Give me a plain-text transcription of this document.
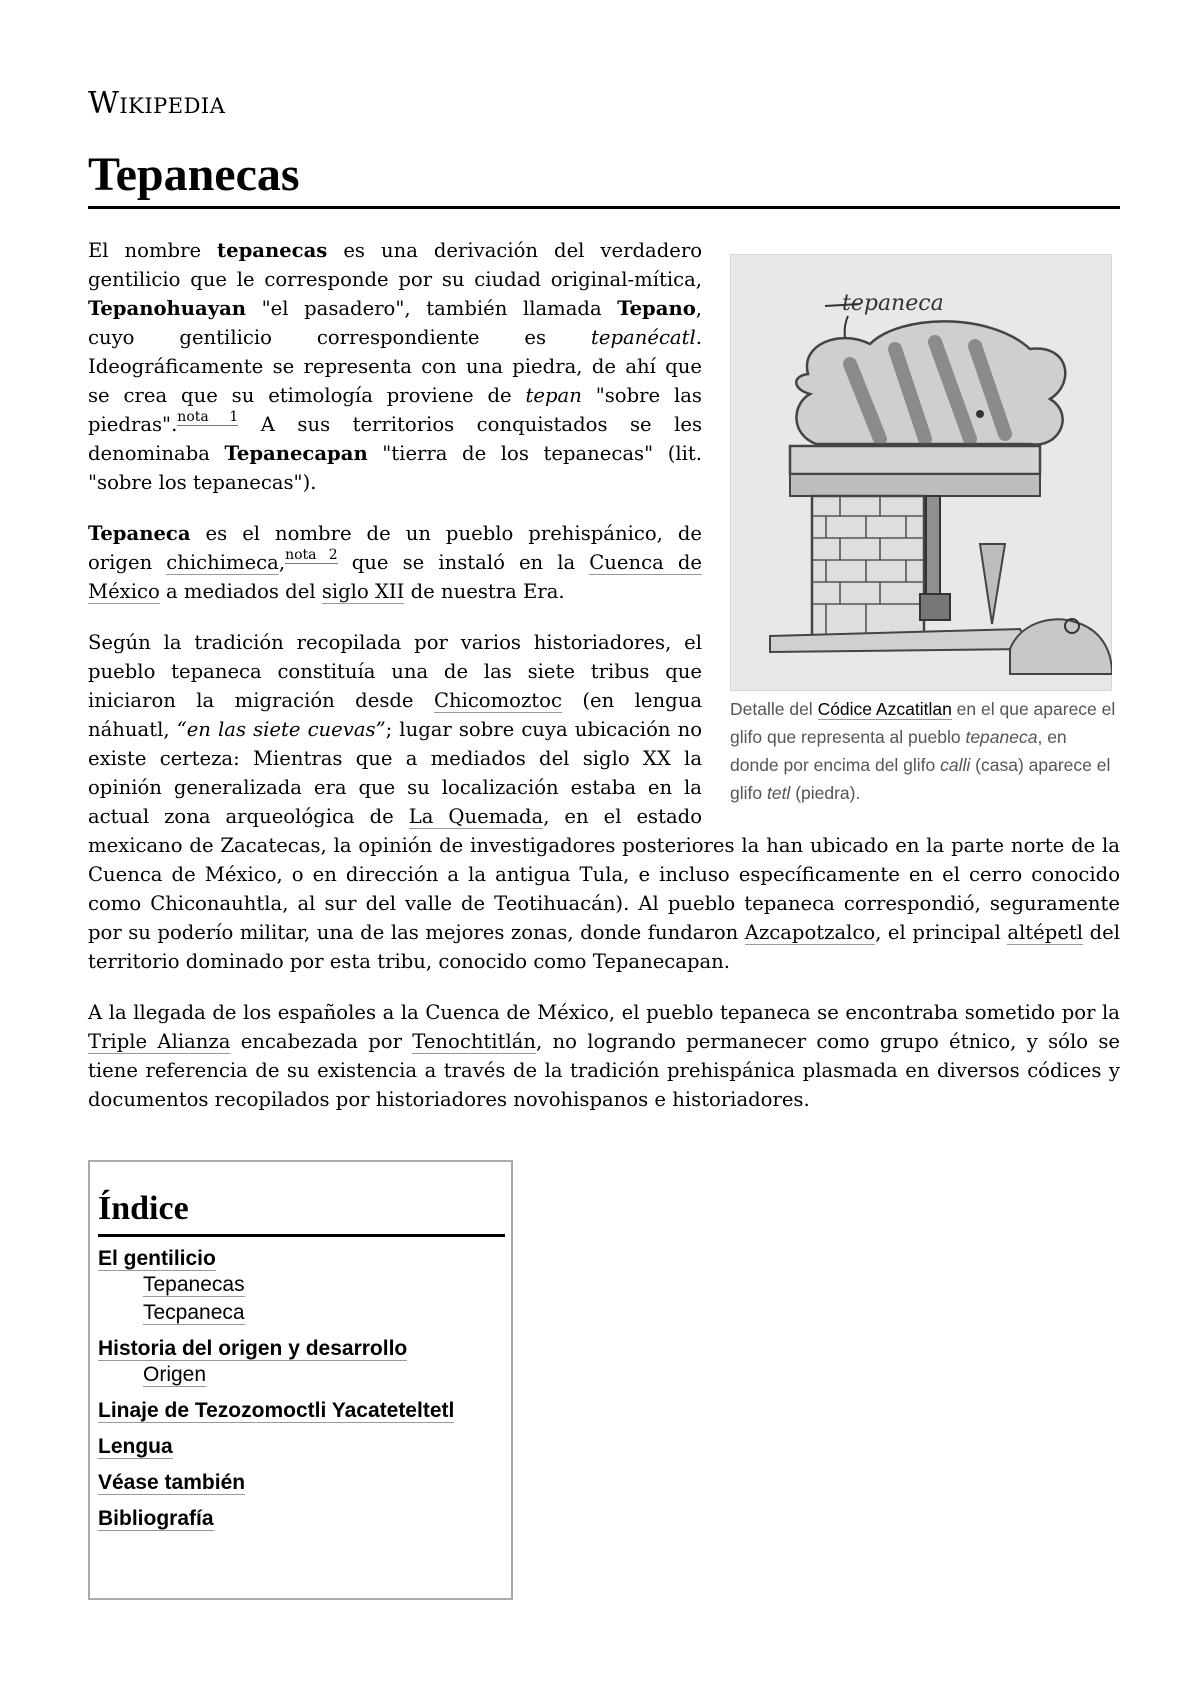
Wikipedia
Tepanecas
tepaneca
Detalle del Códice Azcatitlan en el que aparece el glifo que representa al pueblo tepaneca, en donde por encima del glifo calli (casa) aparece el glifo tetl (piedra).

El nombre tepanecas es una derivación del verdadero gentilicio que le corresponde por su ciudad original-mítica, Tepanohuayan "el pasadero", también llamada Tepano, cuyo gentilicio correspondiente es tepanécatl. Ideográficamente se representa con una piedra, de ahí que se crea que su etimología proviene de tepan "sobre las piedras".$^{nota 1}$ A sus territorios conquistados se les denominaba Tepanecapan "tierra de los tepanecas" (lit. "sobre los tepanecas").

Tepaneca es el nombre de un pueblo prehispánico, de origen chichimeca,$^{nota 2}$ que se instaló en la Cuenca de México a mediados del siglo XII de nuestra Era.

Según la tradición recopilada por varios historiadores, el pueblo tepaneca constituía una de las siete tribus que iniciaron la migración desde Chicomoztoc (en lengua náhuatl, “en las siete cuevas”; lugar sobre cuya ubicación no existe certeza: Mientras que a mediados del siglo XX la opinión generalizada era que su localización estaba en la actual zona arqueológica de La Quemada, en el estado mexicano de Zacatecas, la opinión de investigadores posteriores la han ubicado en la parte norte de la Cuenca de México, o en dirección a la antigua Tula, e incluso específicamente en el cerro conocido como Chiconauhtla, al sur del valle de Teotihuacán). Al pueblo tepaneca correspondió, seguramente por su poderío militar, una de las mejores zonas, donde fundaron Azcapotzalco, el principal altépetl del territorio dominado por esta tribu, conocido como Tepanecapan.

A la llegada de los españoles a la Cuenca de México, el pueblo tepaneca se encontraba sometido por la Triple Alianza encabezada por Tenochtitlán, no logrando permanecer como grupo étnico, y sólo se tiene referencia de su existencia a través de la tradición prehispánica plasmada en diversos códices y documentos recopilados por historiadores novohispanos e historiadores.

Índice
El gentilicio
Tepanecas
Tecpaneca
Historia del origen y desarrollo
Origen
Linaje de Tezozomoctli Yacateteltetl
Lengua
Véase también
Bibliografía
